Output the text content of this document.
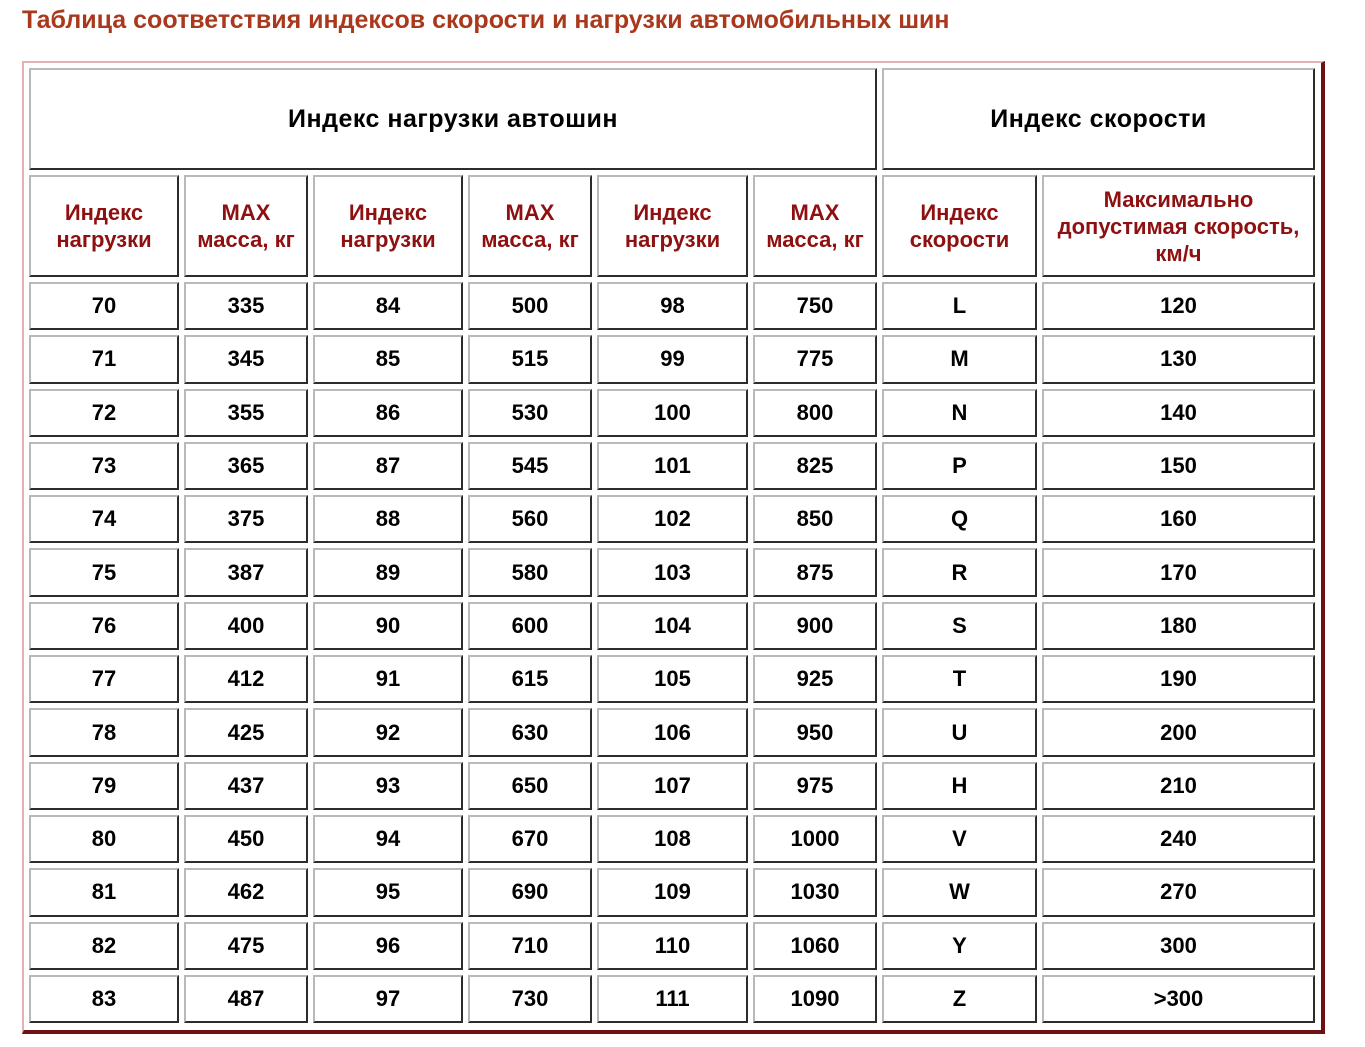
Таблица соответствия индексов скорости и нагрузки автомобильных шин
Индекс нагрузки автошин						Индекс скорости	
Индекс нагрузки	MAX масса, кг	Индекс нагрузки	MAX масса, кг	Индекс нагрузки	MAX масса, кг	Индекс скорости	Максимально допустимая скорость, км/ч
70	335	84	500	98	750	L	120
71	345	85	515	99	775	M	130
72	355	86	530	100	800	N	140
73	365	87	545	101	825	P	150
74	375	88	560	102	850	Q	160
75	387	89	580	103	875	R	170
76	400	90	600	104	900	S	180
77	412	91	615	105	925	T	190
78	425	92	630	106	950	U	200
79	437	93	650	107	975	H	210
80	450	94	670	108	1000	V	240
81	462	95	690	109	1030	W	270
82	475	96	710	110	1060	Y	300
83	487	97	730	111	1090	Z	>300
